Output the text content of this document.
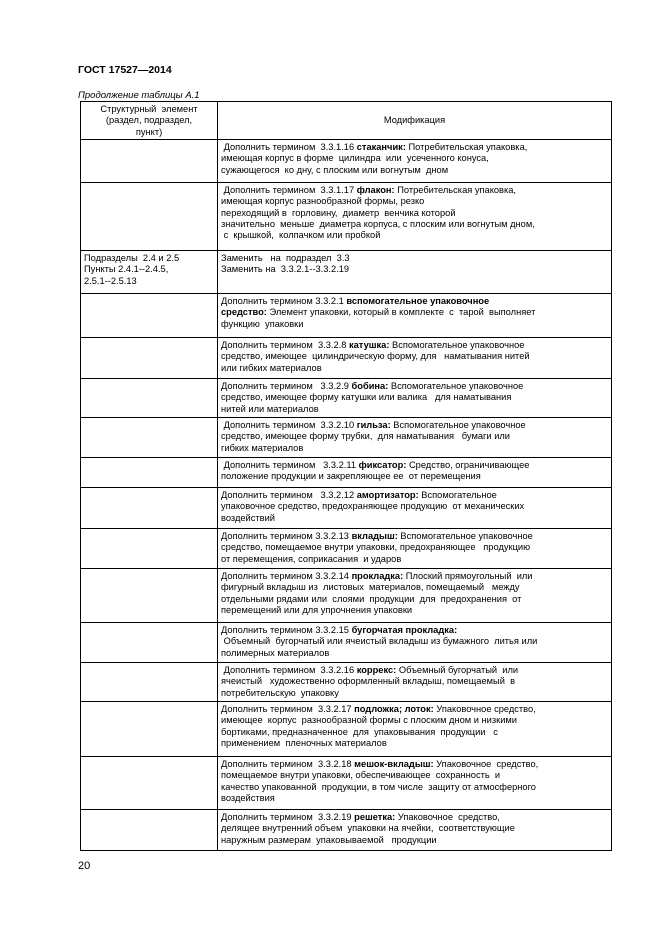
ГОСТ 17527—2014
Продолжение таблицы А.1
Структурный  элемент
(раздел, подраздел,
пункт)	Модификация

	Дополнить термином  3.3.1.16 стаканчик: Потребительская упаковка,
имеющая корпус в форме  цилиндра  или  усеченного конуса,
сужающегося  ко дну, с плоским или вогнутым  дном

	Дополнить термином  3.3.1.17 флакон: Потребительская упаковка,
имеющая корпус разнообразной формы, резко
переходящий в  горловину,  диаметр  венчика которой
значительно  меньше  диаметра корпуса, с плоским или вогнутым дном,
с  крышкой,  колпачком или пробкой

Подразделы  2.4 и 2.5
Пункты 2.4.1--2.4.5,
2.5.1--2.5.13	Заменить   на  подраздел  3.3
Заменить на  3.3.2.1--3.3.2.19

	Дополнить термином 3.3.2.1 вспомогательное упаковочное
средство: Элемент упаковки, который в комплекте  с  тарой  выполняет
функцию  упаковки

	Дополнить термином  3.3.2.8 катушка: Вспомогательное упаковочное
средство, имеющее  цилиндрическую форму, для   наматывания нитей
или гибких материалов

	Дополнить термином   3.3.2.9 бобина: Вспомогательное упаковочное
средство, имеющее форму катушки или валика   для наматывания
нитей или материалов

	Дополнить термином  3.3.2.10 гильза: Вспомогательное упаковочное
средство, имеющее форму трубки,  для наматывания   бумаги или
гибких материалов

	Дополнить термином   3.3.2.11 фиксатор: Средство, ограничивающее
положение продукции и закрепляющее ее  от перемещения

	Дополнить термином   3.3.2.12 амортизатор: Вспомогательное
упаковочное средство, предохраняющее продукцию  от механических
воздействий

	Дополнить термином 3.3.2.13 вкладыш: Вспомогательное упаковочное
средство, помещаемое внутри упаковки, предохраняющее   продукцию
от перемещения, соприкасания  и ударов

	Дополнить термином 3.3.2.14 прокладка: Плоский прямоугольный  или
фигурный вкладыш из  листовых  материалов, помещаемый   между
отдельными рядами или  слоями  продукции  для  предохранения  от
перемещений или для упрочнения упаковки

	Дополнить термином 3.3.2.15 бугорчатая прокладка:
Объемный  бугорчатый или ячеистый вкладыш из бумажного  литья или
полимерных материалов

	Дополнить термином  3.3.2.16 коррекс: Объемный бугорчатый  или
ячеистый   художественно оформленный вкладыш, помещаемый  в
потребительскую  упаковку

	Дополнить термином  3.3.2.17 подложка; лоток: Упаковочное средство,
имеющее  корпус  разнообразной формы с плоским дном и низкими
бортиками, предназначенное  для  упаковывания  продукции   с
применением  пленочных материалов

	Дополнить термином  3.3.2.18 мешок-вкладыш: Упаковочное  средство,
помещаемое внутри упаковки, обеспечивающее  сохранность  и
качество упакованной  продукции, в том числе  защиту от атмосферного
воздействия

	Дополнить термином  3.3.2.19 решетка: Упаковочное  средство,
делящее внутренний объем  упаковки на ячейки,  соответствующие
наружным размерам  упаковываемой   продукции
20
